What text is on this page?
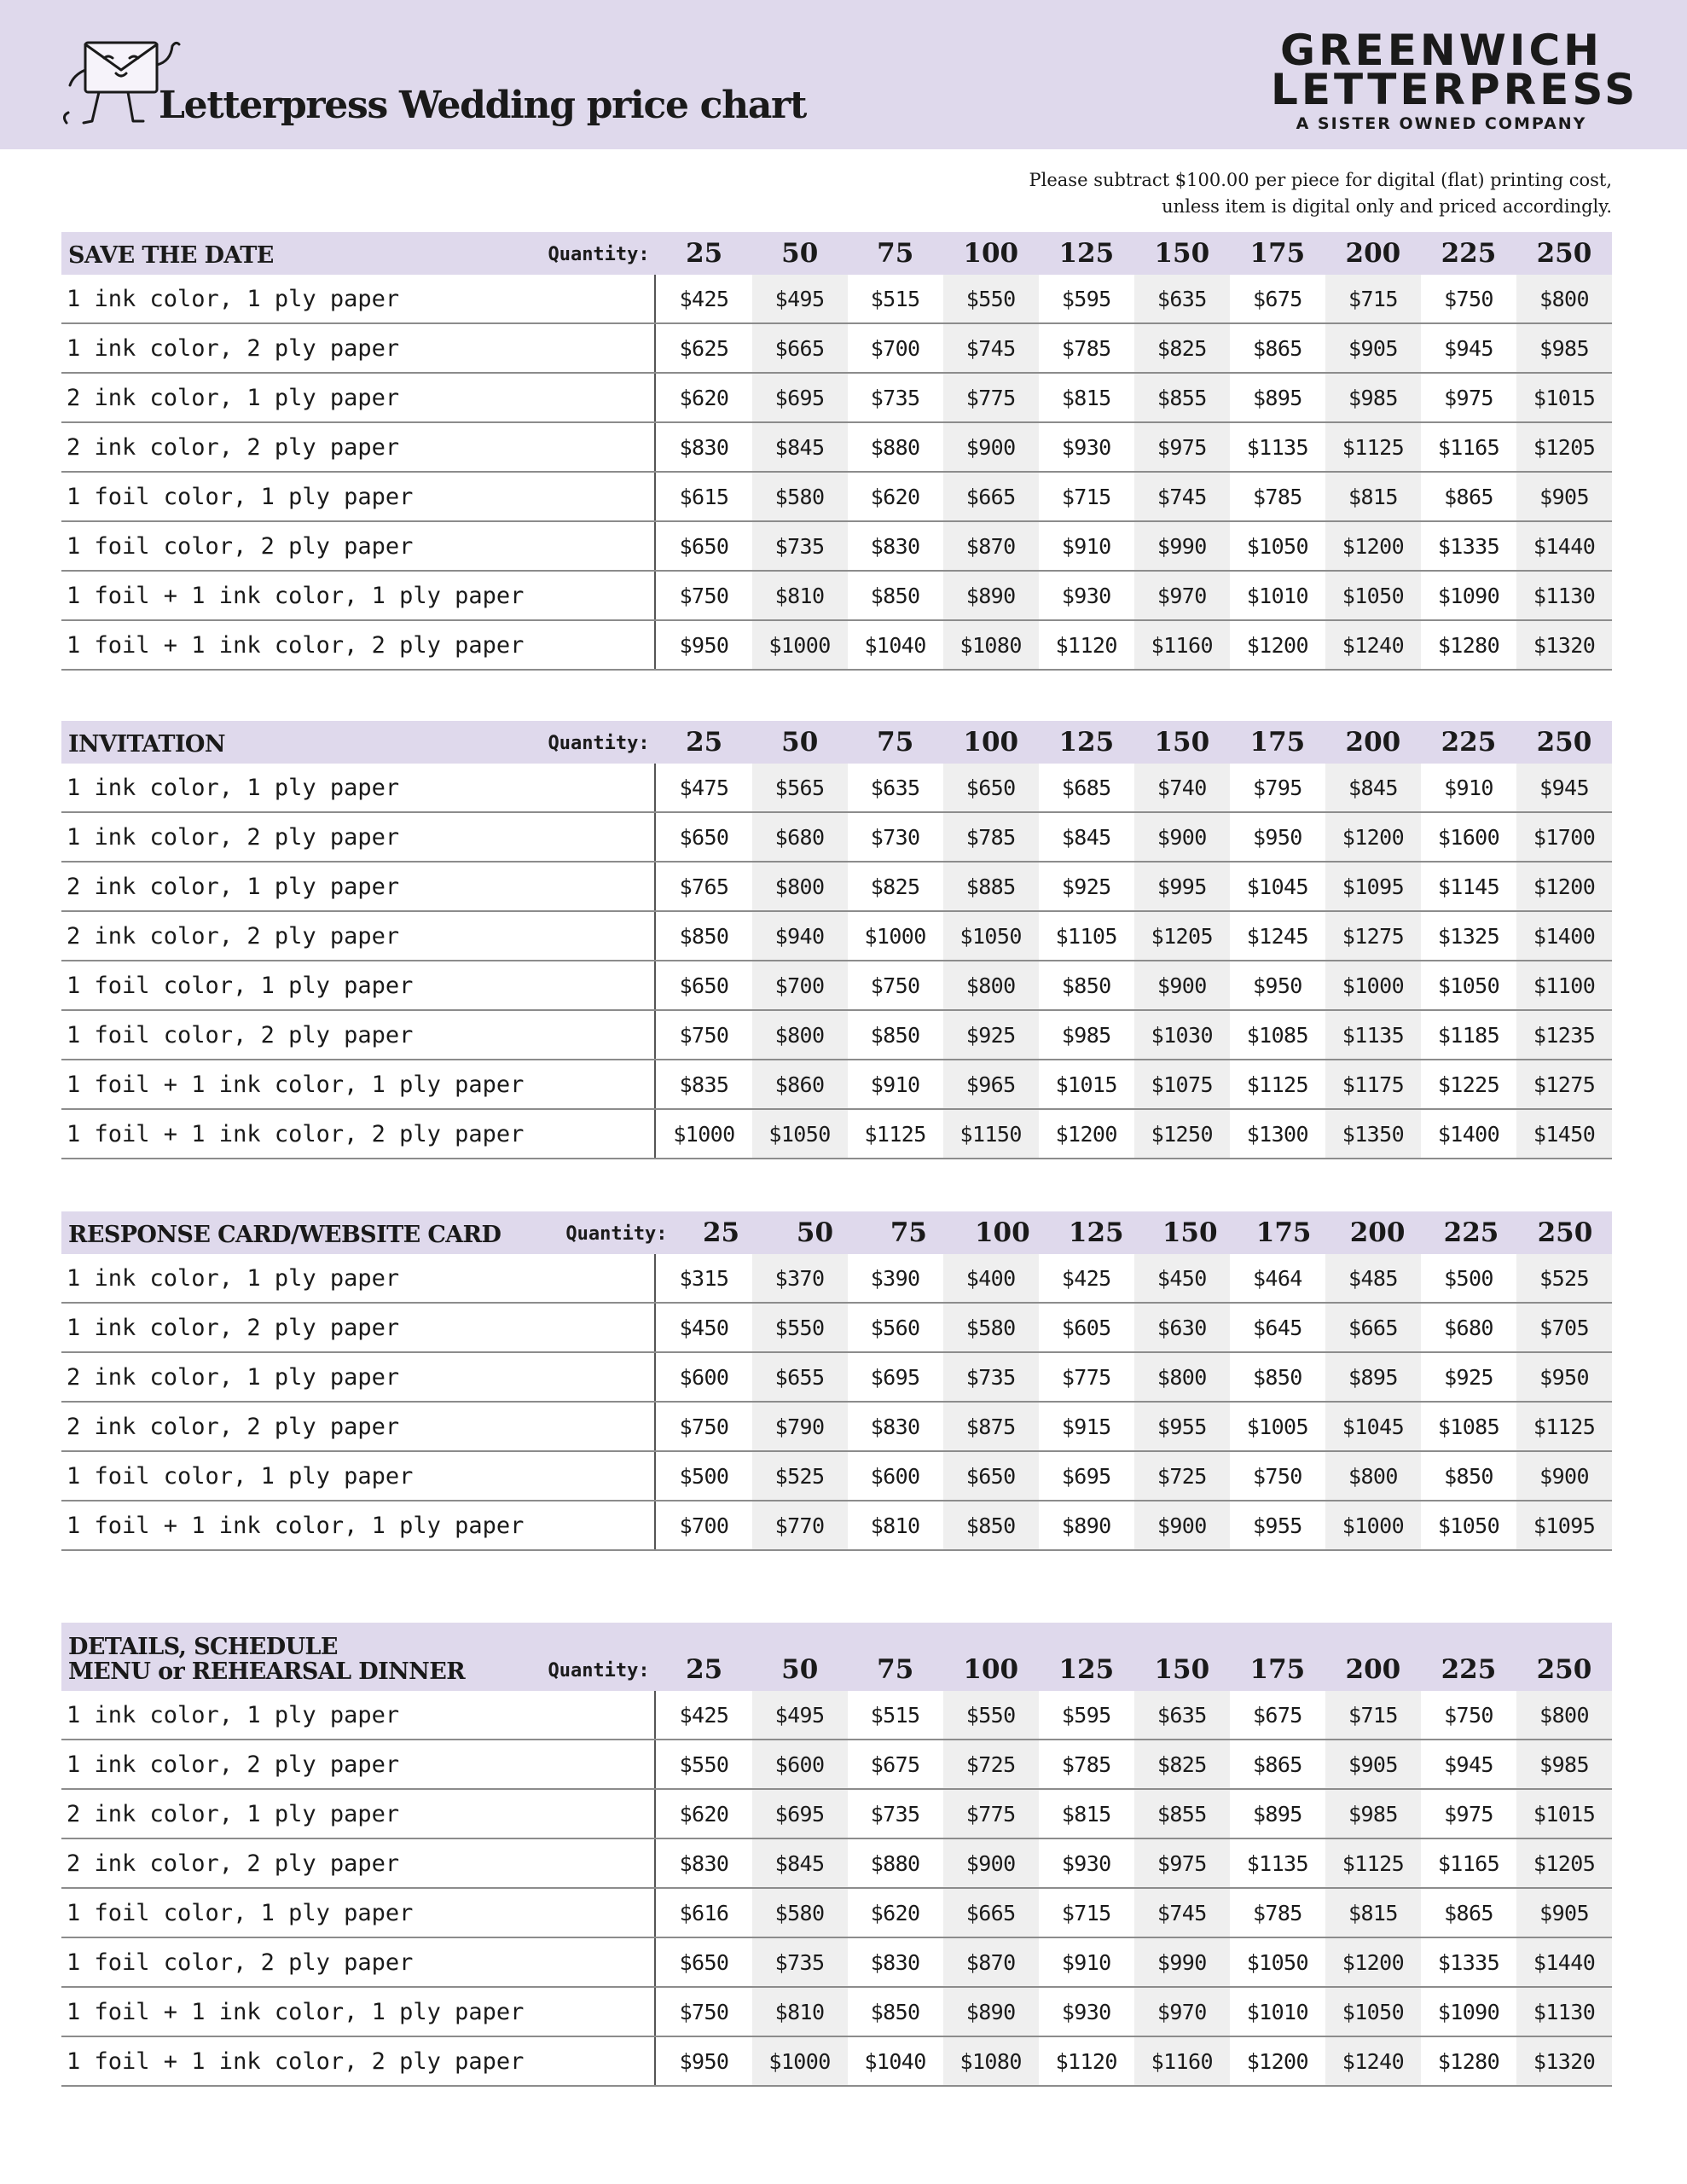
Letterpress Wedding price chart
GREENWICH
LETTERPRESS
A SISTER OWNED COMPANY
Please subtract $100.00 per piece for digital (flat) printing cost,
unless item is digital only and priced accordingly.
SAVE THE DATE	Quantity:	25	50	75	100	125	150	175	200	225	250
1 ink color, 1 ply paper	$425	$495	$515	$550	$595	$635	$675	$715	$750	$800
1 ink color, 2 ply paper	$625	$665	$700	$745	$785	$825	$865	$905	$945	$985
2 ink color, 1 ply paper	$620	$695	$735	$775	$815	$855	$895	$985	$975	$1015
2 ink color, 2 ply paper	$830	$845	$880	$900	$930	$975	$1135	$1125	$1165	$1205
1 foil color, 1 ply paper	$615	$580	$620	$665	$715	$745	$785	$815	$865	$905
1 foil color, 2 ply paper	$650	$735	$830	$870	$910	$990	$1050	$1200	$1335	$1440
1 foil + 1 ink color, 1 ply paper	$750	$810	$850	$890	$930	$970	$1010	$1050	$1090	$1130
1 foil + 1 ink color, 2 ply paper	$950	$1000	$1040	$1080	$1120	$1160	$1200	$1240	$1280	$1320
INVITATION	Quantity:	25	50	75	100	125	150	175	200	225	250
1 ink color, 1 ply paper	$475	$565	$635	$650	$685	$740	$795	$845	$910	$945
1 ink color, 2 ply paper	$650	$680	$730	$785	$845	$900	$950	$1200	$1600	$1700
2 ink color, 1 ply paper	$765	$800	$825	$885	$925	$995	$1045	$1095	$1145	$1200
2 ink color, 2 ply paper	$850	$940	$1000	$1050	$1105	$1205	$1245	$1275	$1325	$1400
1 foil color, 1 ply paper	$650	$700	$750	$800	$850	$900	$950	$1000	$1050	$1100
1 foil color, 2 ply paper	$750	$800	$850	$925	$985	$1030	$1085	$1135	$1185	$1235
1 foil + 1 ink color, 1 ply paper	$835	$860	$910	$965	$1015	$1075	$1125	$1175	$1225	$1275
1 foil + 1 ink color, 2 ply paper	$1000	$1050	$1125	$1150	$1200	$1250	$1300	$1350	$1400	$1450
RESPONSE CARD/WEBSITE CARD	Quantity:	25	50	75	100	125	150	175	200	225	250
1 ink color, 1 ply paper	$315	$370	$390	$400	$425	$450	$464	$485	$500	$525
1 ink color, 2 ply paper	$450	$550	$560	$580	$605	$630	$645	$665	$680	$705
2 ink color, 1 ply paper	$600	$655	$695	$735	$775	$800	$850	$895	$925	$950
2 ink color, 2 ply paper	$750	$790	$830	$875	$915	$955	$1005	$1045	$1085	$1125
1 foil color, 1 ply paper	$500	$525	$600	$650	$695	$725	$750	$800	$850	$900
1 foil + 1 ink color, 1 ply paper	$700	$770	$810	$850	$890	$900	$955	$1000	$1050	$1095
DETAILS, SCHEDULE
MENU or REHEARSAL DINNER	Quantity:	25	50	75	100	125	150	175	200	225	250
1 ink color, 1 ply paper	$425	$495	$515	$550	$595	$635	$675	$715	$750	$800
1 ink color, 2 ply paper	$550	$600	$675	$725	$785	$825	$865	$905	$945	$985
2 ink color, 1 ply paper	$620	$695	$735	$775	$815	$855	$895	$985	$975	$1015
2 ink color, 2 ply paper	$830	$845	$880	$900	$930	$975	$1135	$1125	$1165	$1205
1 foil color, 1 ply paper	$616	$580	$620	$665	$715	$745	$785	$815	$865	$905
1 foil color, 2 ply paper	$650	$735	$830	$870	$910	$990	$1050	$1200	$1335	$1440
1 foil + 1 ink color, 1 ply paper	$750	$810	$850	$890	$930	$970	$1010	$1050	$1090	$1130
1 foil + 1 ink color, 2 ply paper	$950	$1000	$1040	$1080	$1120	$1160	$1200	$1240	$1280	$1320
